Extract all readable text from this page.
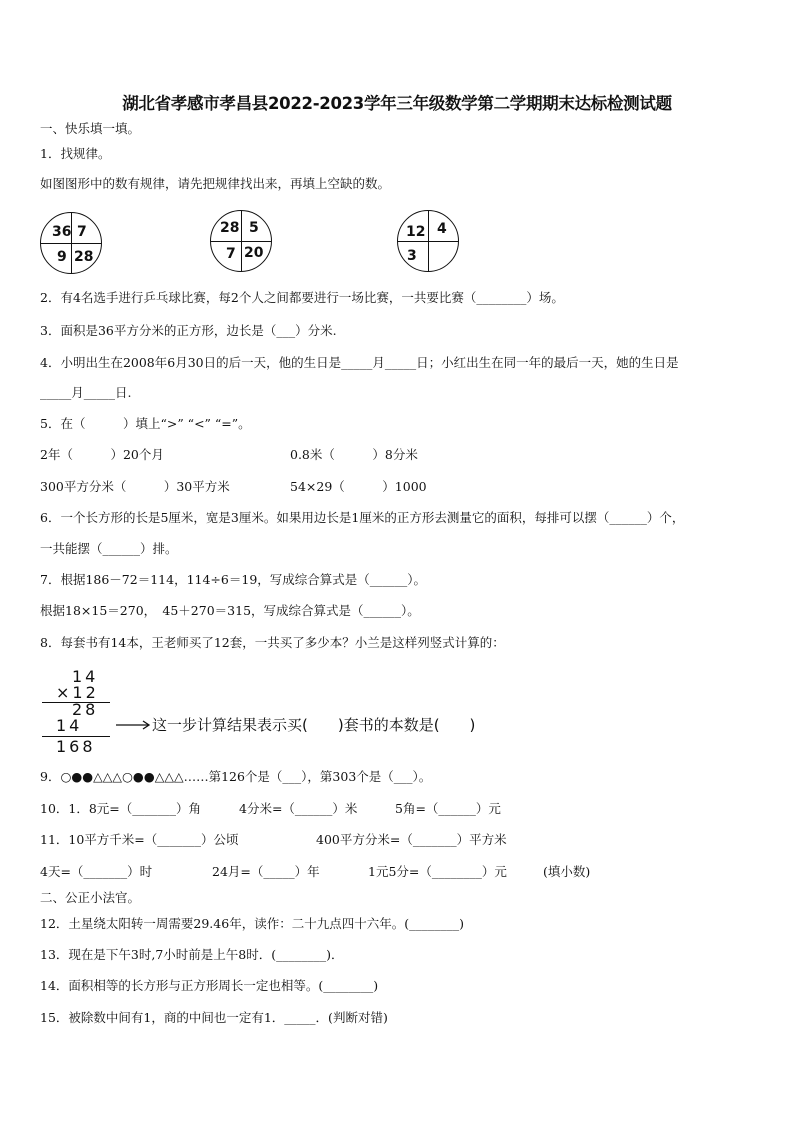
湖北省孝感市孝昌县2022-2023学年三年级数学第二学期期末达标检测试题
一、快乐填一填。
1．找规律。
如图图形中的数有规律，请先把规律找出来，再填上空缺的数。
36 7
9 28
28 5
7 20
12 4
3
2．有4名选手进行乒乓球比赛，每2个人之间都要进行一场比赛，一共要比赛（________）场。
3．面积是36平方分米的正方形，边长是（___）分米.
4．小明出生在2008年6月30日的后一天，他的生日是_____月_____日；小红出生在同一年的最后一天，她的生日是
_____月_____日.
5．在（　　　）填上“>” “<” “=”。
2年（　　　）20个月	0.8米（　　　）8分米
300平方分米（　　　）30平方米	54×29（　　　）1000
6．一个长方形的长是5厘米，宽是3厘米。如果用边长是1厘米的正方形去测量它的面积，每排可以摆（______）个，
一共能摆（______）排。
7．根据186－72＝114，114÷6＝19，写成综合算式是（______）。
根据18×15＝270，　45＋270＝315，写成综合算式是（______）。
8．每套书有14本，王老师买了12套，一共买了多少本？小兰是这样列竖式计算的：
14
×12
28
14
168
这一步计算结果表示买(　　)套书的本数是(　　)
9．○●●△△△○●●△△△……第126个是（___），第303个是（___）。
10．1．8元=（_______）角	4分米=（______）米	5角=（______）元
11．10平方千米=（_______）公顷	400平方分米=（_______）平方米
4天=（_______）时	24月=（_____）年	1元5分=（________）元	(填小数)
二、公正小法官。
12．土星绕太阳转一周需要29.46年，读作：二十九点四十六年。(________)
13．现在是下午3时,7小时前是上午8时．(________)．
14．面积相等的长方形与正方形周长一定也相等。(________)
15．被除数中间有1，商的中间也一定有1．_____．(判断对错)
